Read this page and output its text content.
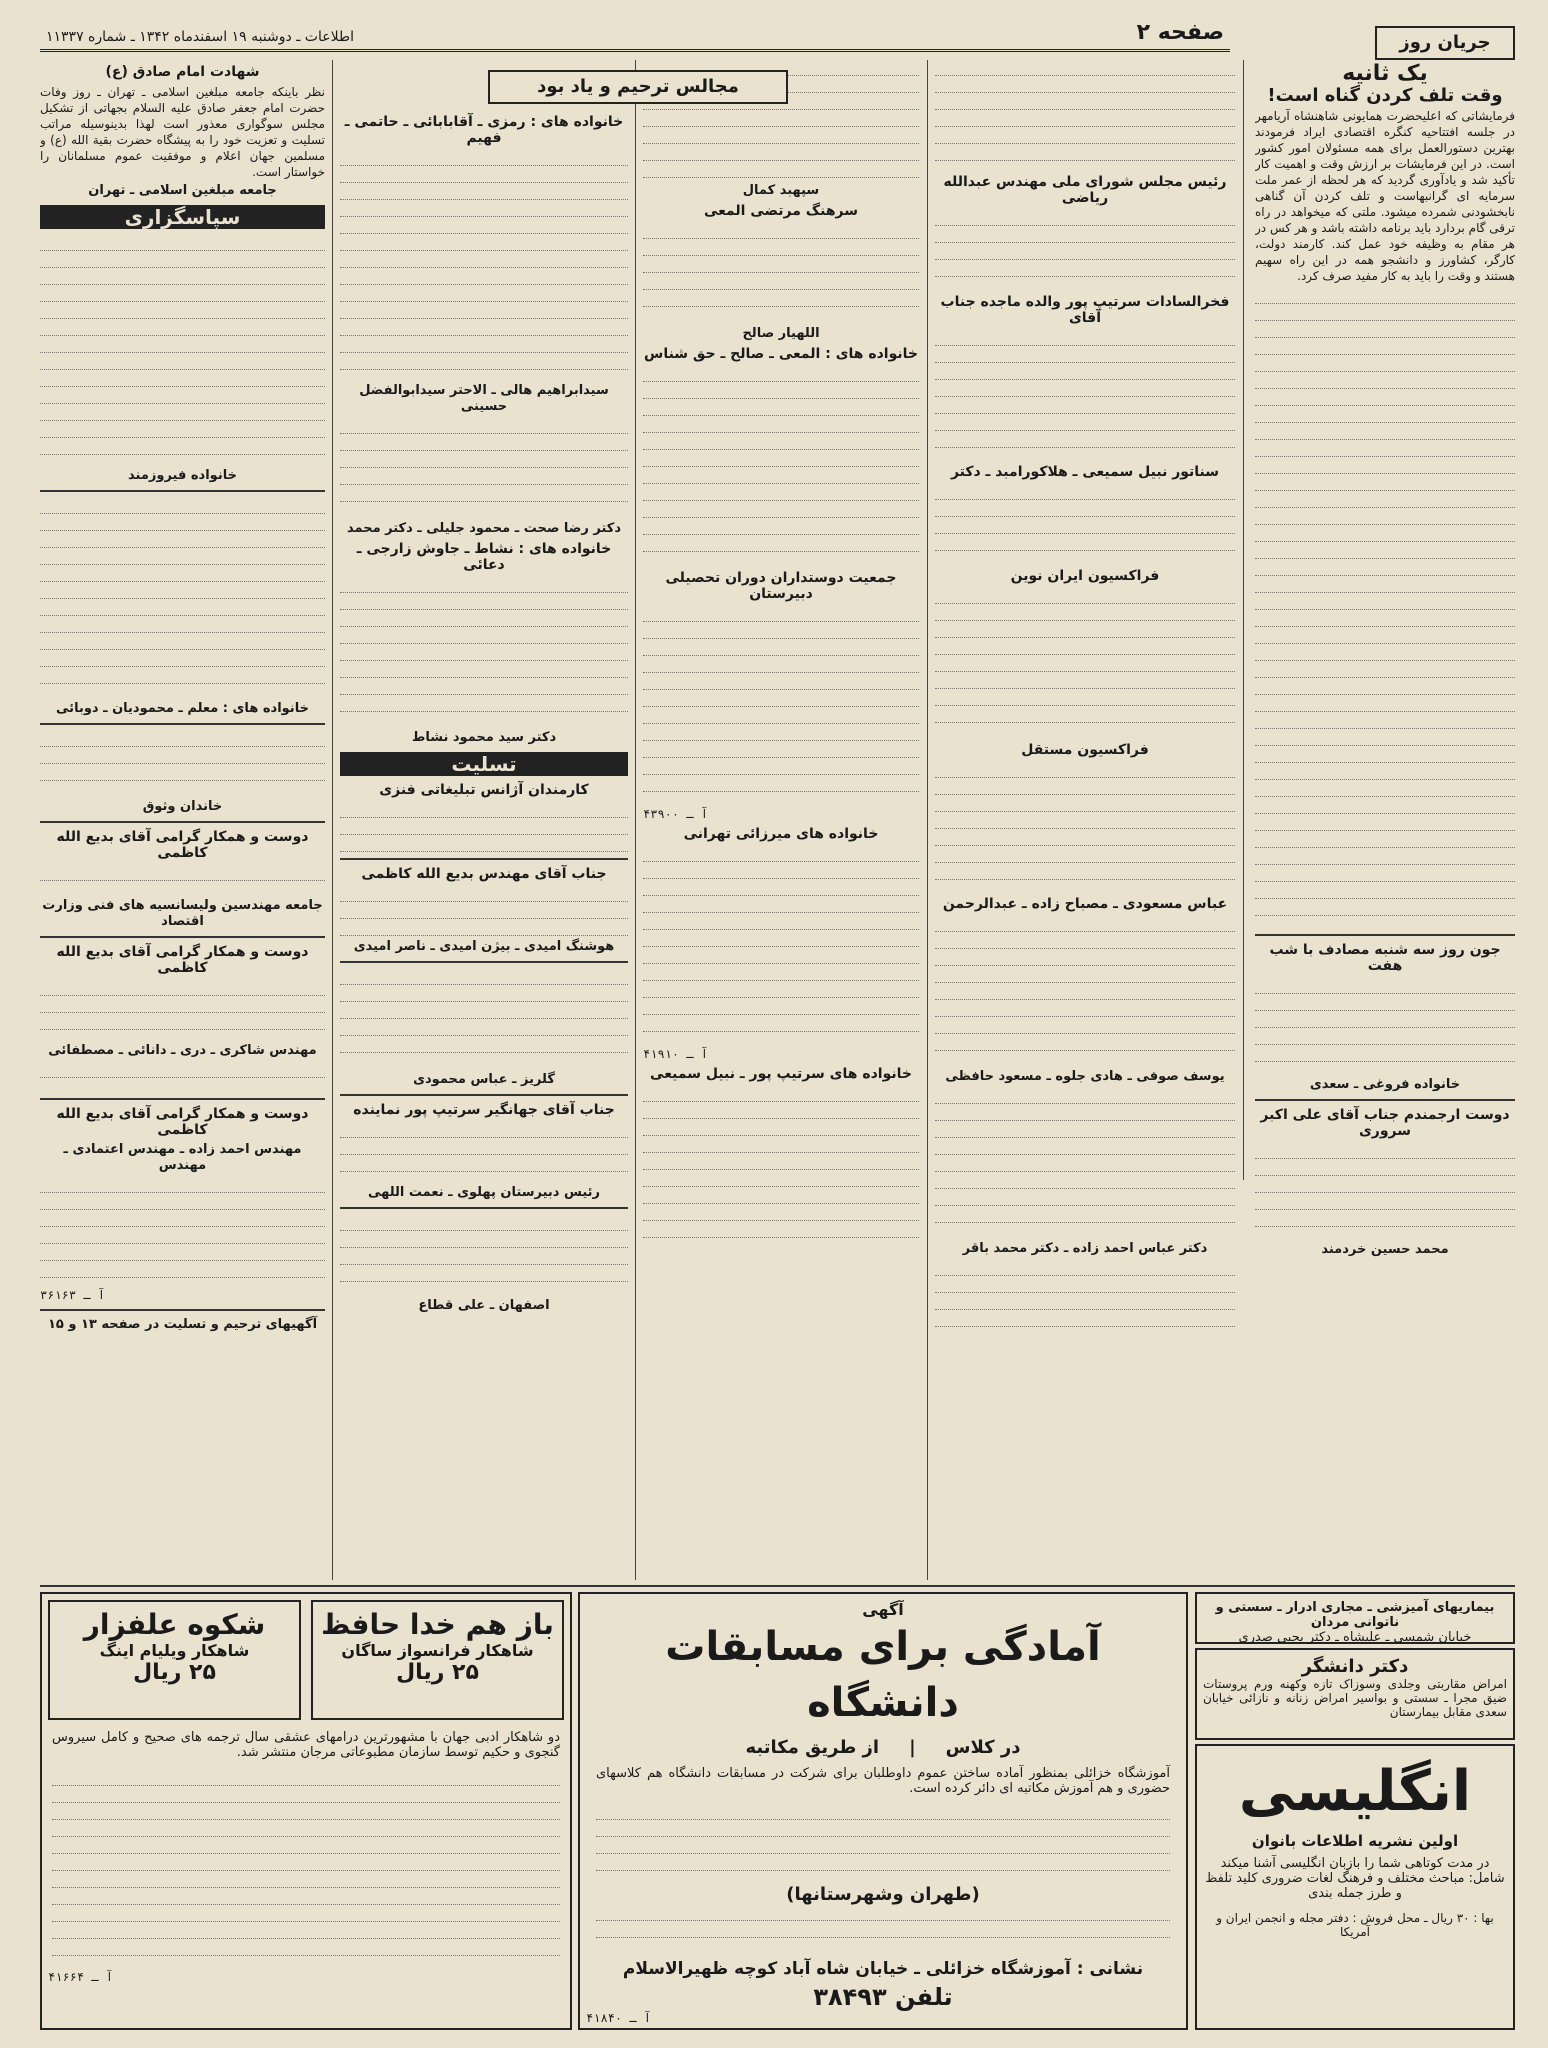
صفحه ۲
اطلاعات ـ دوشنبه ۱۹ اسفندماه ۱۳۴۲ ـ شماره ۱۱۳۳۷	جریان روز
یک ثانیه
وقت تلف کردن گناه است!

فرمایشاتی که اعلیحضرت همایونی شاهنشاه آریامهر در جلسه افتتاحیه کنگره اقتصادی ایراد فرمودند بهترین دستورالعمل برای همه مسئولان امور کشور است. در این فرمایشات بر ارزش وقت و اهمیت کار تأکید شد و یادآوری گردید که هر لحظه از عمر ملت سرمایه ای گرانبهاست و تلف کردن آن گناهی نابخشودنی شمرده میشود. ملتی که میخواهد در راه ترقی گام بردارد باید برنامه داشته باشد و هر کس در هر مقام به وظیفه خود عمل کند. کارمند دولت، کارگر، کشاورز و دانشجو همه در این راه سهیم هستند و وقت را باید به کار مفید صرف کرد.

جون روز سه شنبه مصادف با شب هفت
خانواده فروغی ـ سعدی
دوست ارجمندم جناب آقای علی اکبر سروری
محمد حسین خردمند
رئیس مجلس شورای ملی مهندس عبدالله ریاضی
فخرالسادات سرتیپ پور والده ماجده جناب آقای
سناتور نبیل سمیعی ـ هلاکورامبد ـ دکتر
فراکسیون ایران نوین
فراکسیون مستقل
عباس مسعودی ـ مصباح زاده ـ عبدالرحمن
یوسف صوفی ـ هادی جلوه ـ مسعود حافظی
دکتر عباس احمد زاده ـ دکتر محمد باقر
سپهبد کمال
سرهنگ مرتضی المعی
اللهیار صالح
خانواده های : المعی ـ صالح ـ حق شناس
جمعیت دوستداران دوران تحصیلی دبیرستان
آ ـ ۴۳۹۰۰
خانواده های میرزائی تهرانی
آ ـ ۴۱۹۱۰
خانواده های سرتیپ پور ـ نبیل سمیعی
مجالس ترحیم و یاد بود
خانواده های : رمزی ـ آقابابائی ـ حاتمی ـ فهیم
سیدابراهیم هالی ـ الاحتر سیدابوالفضل حسینی
دکتر رضا صحت ـ محمود جلیلی ـ دکتر محمد
خانواده های : نشاط ـ جاوش زارجی ـ دعائی
دکتر سید محمود نشاط
تسلیت
کارمندان آژانس تبلیغاتی فنزی
جناب آقای مهندس بدیع الله کاظمی
هوشنگ امیدی ـ بیژن امیدی ـ ناصر امیدی
گلریز ـ عباس محمودی
جناب آقای جهانگیر سرتیپ پور نماینده
رئیس دبیرستان پهلوی ـ نعمت اللهی
اصفهان ـ علی قطاع
شهادت امام صادق (ع)

نظر باینکه جامعه مبلغین اسلامی ـ تهران ـ روز وفات حضرت امام جعفر صادق علیه السلام بجهاتی از تشکیل مجلس سوگواری معذور است لهذا بدینوسیله مراتب تسلیت و تعزیت خود را به پیشگاه حضرت بقیة الله (ع) و مسلمین جهان اعلام و موفقیت عموم مسلمانان را خواستار است.

جامعه مبلغین اسلامی ـ تهران
سپاسگزاری
خانواده فیروزمند
خانواده های : معلم ـ محمودیان ـ دوبائی
خاندان وثوق
دوست و همکار گرامی آقای بدیع الله کاظمی
جامعه مهندسین ولیسانسیه های فنی وزارت اقتصاد
دوست و همکار گرامی آقای بدیع الله کاظمی
مهندس شاکری ـ دری ـ دانائی ـ مصطفائی
دوست و همکار گرامی آقای بدیع الله کاظمی
مهندس احمد زاده ـ مهندس اعتمادی ـ مهندس
آ ـ ۳۶۱۶۳
آگهیهای ترحیم و تسلیت در صفحه ۱۳ و ۱۵
بیماریهای آمیزشی ـ مجاری ادرار ـ سستی و ناتوانی مردان
خیابان شمسی ـ علیشاه ـ دکتر یحیی صدری
دکتر دانشگر
امراض مقاربتی وجلدی وسوزاک تازه وکهنه ورم پروستات ضیق مجرا ـ سستی و بواسیر امراض زنانه و نازائی خیابان سعدی مقابل بیمارستان
انگلیسی
اولین نشریه اطلاعات بانوان
در مدت کوتاهی شما را بازبان انگلیسی آشنا میکند شامل: مباحث مختلف و فرهنگ لغات ضروری کلید تلفظ و طرز جمله بندی
بها : ۳۰ ریال ـ محل فروش : دفتر مجله و انجمن ایران و آمریکا
آگهی
آمادگی برای مسابقات دانشگاه
در کلاس
|
از طریق مکاتبه
آموزشگاه خزائلی بمنظور آماده ساختن عموم داوطلبان برای شرکت در مسابقات دانشگاه هم کلاسهای حضوری و هم آموزش مکاتبه ای دائر کرده است.
(طهران وشهرستانها)
نشانی : آموزشگاه خزائلی ـ خیابان شاه آباد کوچه ظهیرالاسلام
تلفن ۳۸۴۹۳
آ ـ ۴۱۸۴۰
باز هم خدا حافظ
شاهکار فرانسواز ساگان
۲۵ ریال
شکوه علفزار
شاهکار ویلیام اینگ
۲۵ ریال
دو شاهکار ادبی جهان با مشهورترین درامهای عشقی سال ترجمه های صحیح و کامل سیروس گنجوی و حکیم توسط سازمان مطبوعاتی مرجان منتشر شد.
آ ـ ۴۱۶۶۴
